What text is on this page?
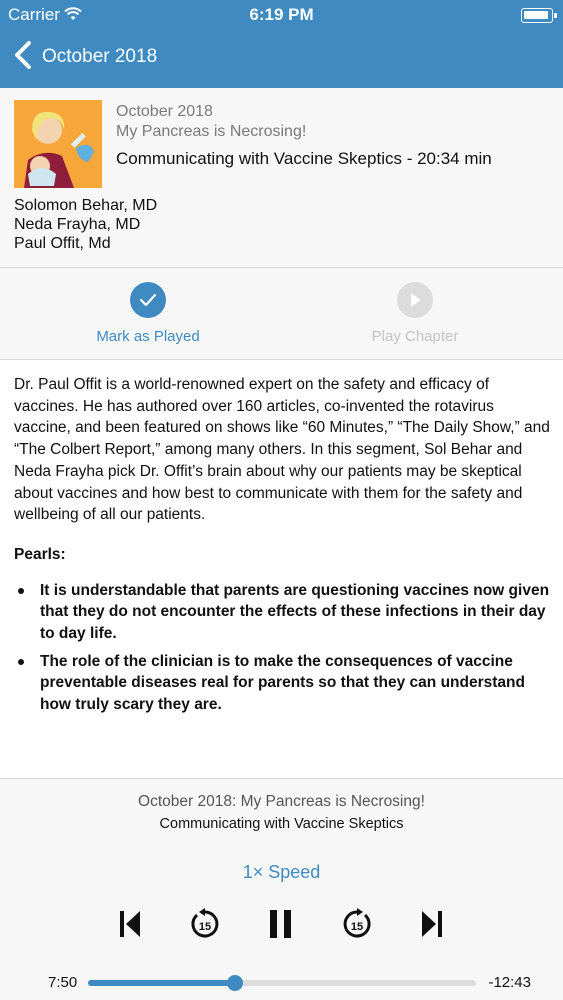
Carrier	6:19 PM
October 2018
October 2018
My Pancreas is Necrosing!
Communicating with Vaccine Skeptics - 20:34 min
Solomon Behar, MD
Neda Frayha, MD
Paul Offit, Md
Mark as Played	Play Chapter

Dr. Paul Offit is a world-renowned expert on the safety and efficacy of vaccines. He has authored over 160 articles, co-invented the rotavirus vaccine, and been featured on shows like “60 Minutes,” “The Daily Show,” and “The Colbert Report,” among many others. In this segment, Sol Behar and Neda Frayha pick Dr. Offit’s brain about why our patients may be skeptical about vaccines and how best to communicate with them for the safety and wellbeing of all our patients.

Pearls:

It is understandable that parents are questioning vaccines now given that they do not encounter the effects of these infections in their day to day life.
The role of the clinician is to make the consequences of vaccine preventable diseases real for parents so that they can understand how truly scary they are.
October 2018: My Pancreas is Necrosing!
Communicating with Vaccine Skeptics
1× Speed
15	15
7:50	-12:43
